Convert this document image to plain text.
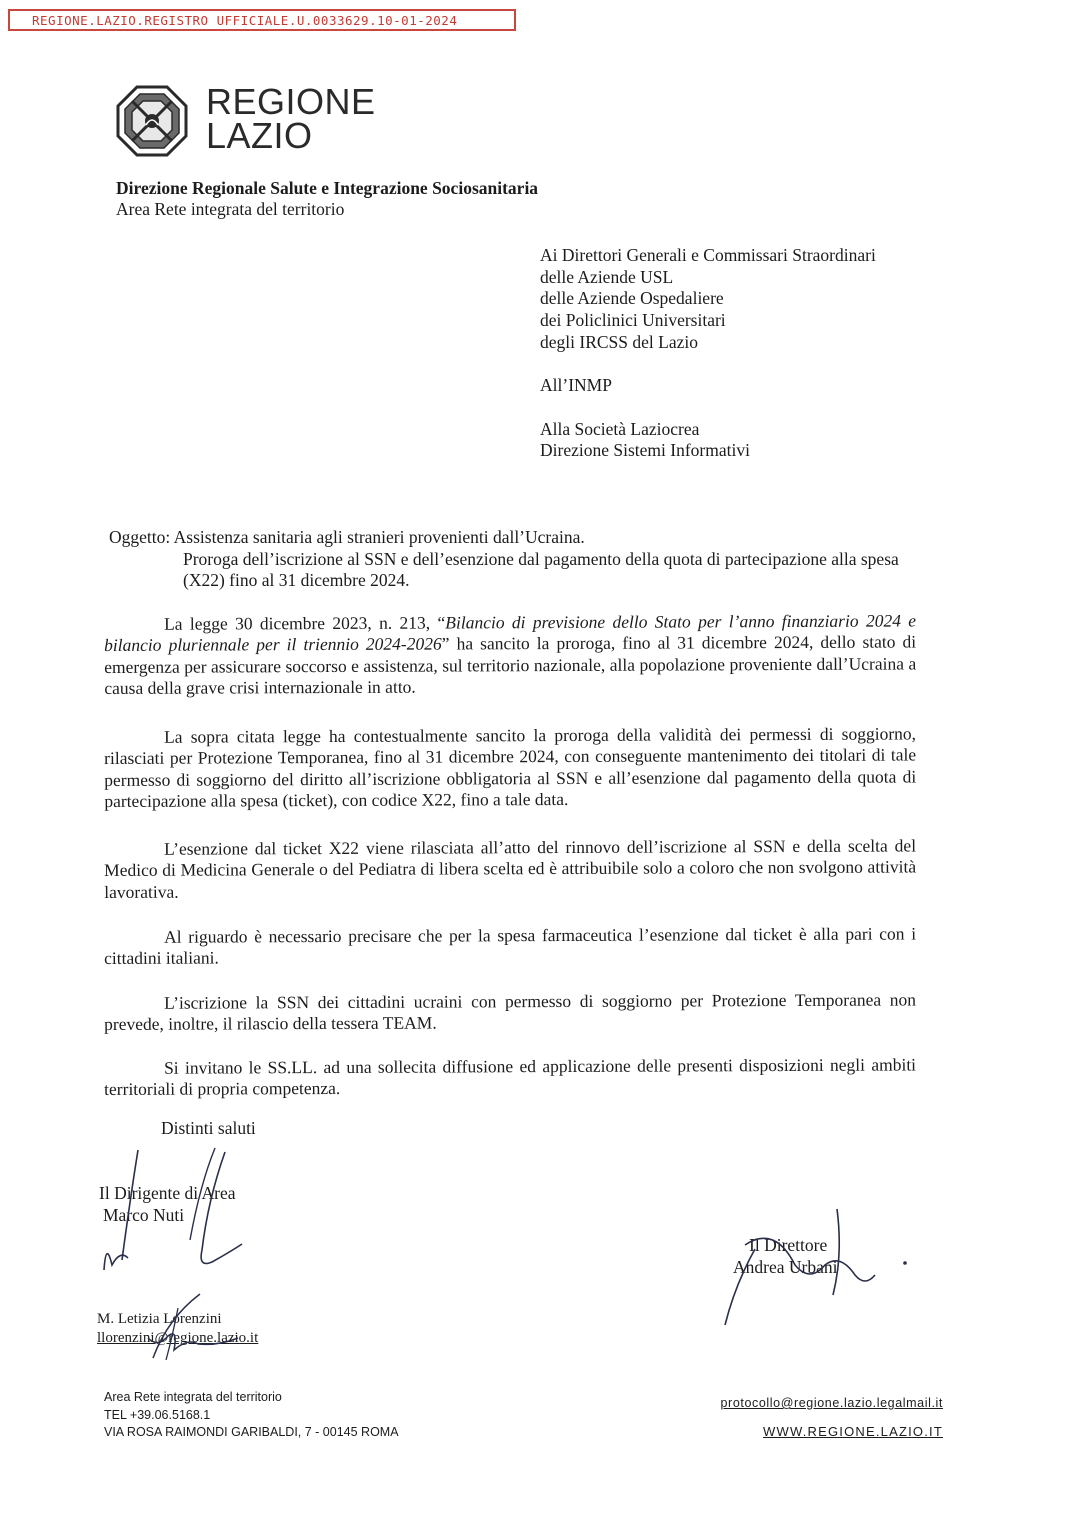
REGIONE.LAZIO.REGISTRO UFFICIALE.U.0033629.10-01-2024
REGIONE
LAZIO
Direzione Regionale Salute e Integrazione Sociosanitaria
Area Rete integrata del territorio
Ai Direttori Generali e Commissari Straordinari
delle Aziende USL
delle Aziende Ospedaliere
dei Policlinici Universitari
degli IRCSS del Lazio
All’INMP
Alla Società Laziocrea
Direzione Sistemi Informativi
Oggetto: Assistenza sanitaria agli stranieri provenienti dall’Ucraina.
Proroga dell’iscrizione al SSN e dell’esenzione dal pagamento della quota di partecipazione alla spesa (X22) fino al 31 dicembre 2024.
La legge 30 dicembre 2023, n. 213, “Bilancio di previsione dello Stato per l’anno finanziario 2024 e bilancio pluriennale per il triennio 2024-2026” ha sancito la proroga, fino al 31 dicembre 2024, dello stato di emergenza per assicurare soccorso e assistenza, sul territorio nazionale, alla popolazione proveniente dall’Ucraina a causa della grave crisi internazionale in atto.
La sopra citata legge ha contestualmente sancito la proroga della validità dei permessi di soggiorno, rilasciati per Protezione Temporanea, fino al 31 dicembre 2024, con conseguente mantenimento dei titolari di tale permesso di soggiorno del diritto all’iscrizione obbligatoria al SSN e all’esenzione dal pagamento della quota di partecipazione alla spesa (ticket), con codice X22, fino a tale data.
L’esenzione dal ticket X22 viene rilasciata all’atto del rinnovo dell’iscrizione al SSN e della scelta del Medico di Medicina Generale o del Pediatra di libera scelta ed è attribuibile solo a coloro che non svolgono attività lavorativa.
Al riguardo è necessario precisare che per la spesa farmaceutica l’esenzione dal ticket è alla pari con i cittadini italiani.
L’iscrizione la SSN dei cittadini ucraini con permesso di soggiorno per Protezione Temporanea non prevede, inoltre, il rilascio della tessera TEAM.
Si invitano le SS.LL. ad una sollecita diffusione ed applicazione delle presenti disposizioni negli ambiti territoriali di propria competenza.
Distinti saluti
Il Dirigente di Area
Marco Nuti
Il Direttore
Andrea Urbani
M. Letizia Lorenzini
llorenzini@regione.lazio.it
Area Rete integrata del territorio
TEL +39.06.5168.1
VIA ROSA RAIMONDI GARIBALDI, 7 - 00145 ROMA
protocollo@regione.lazio.legalmail.it
WWW.REGIONE.LAZIO.IT
